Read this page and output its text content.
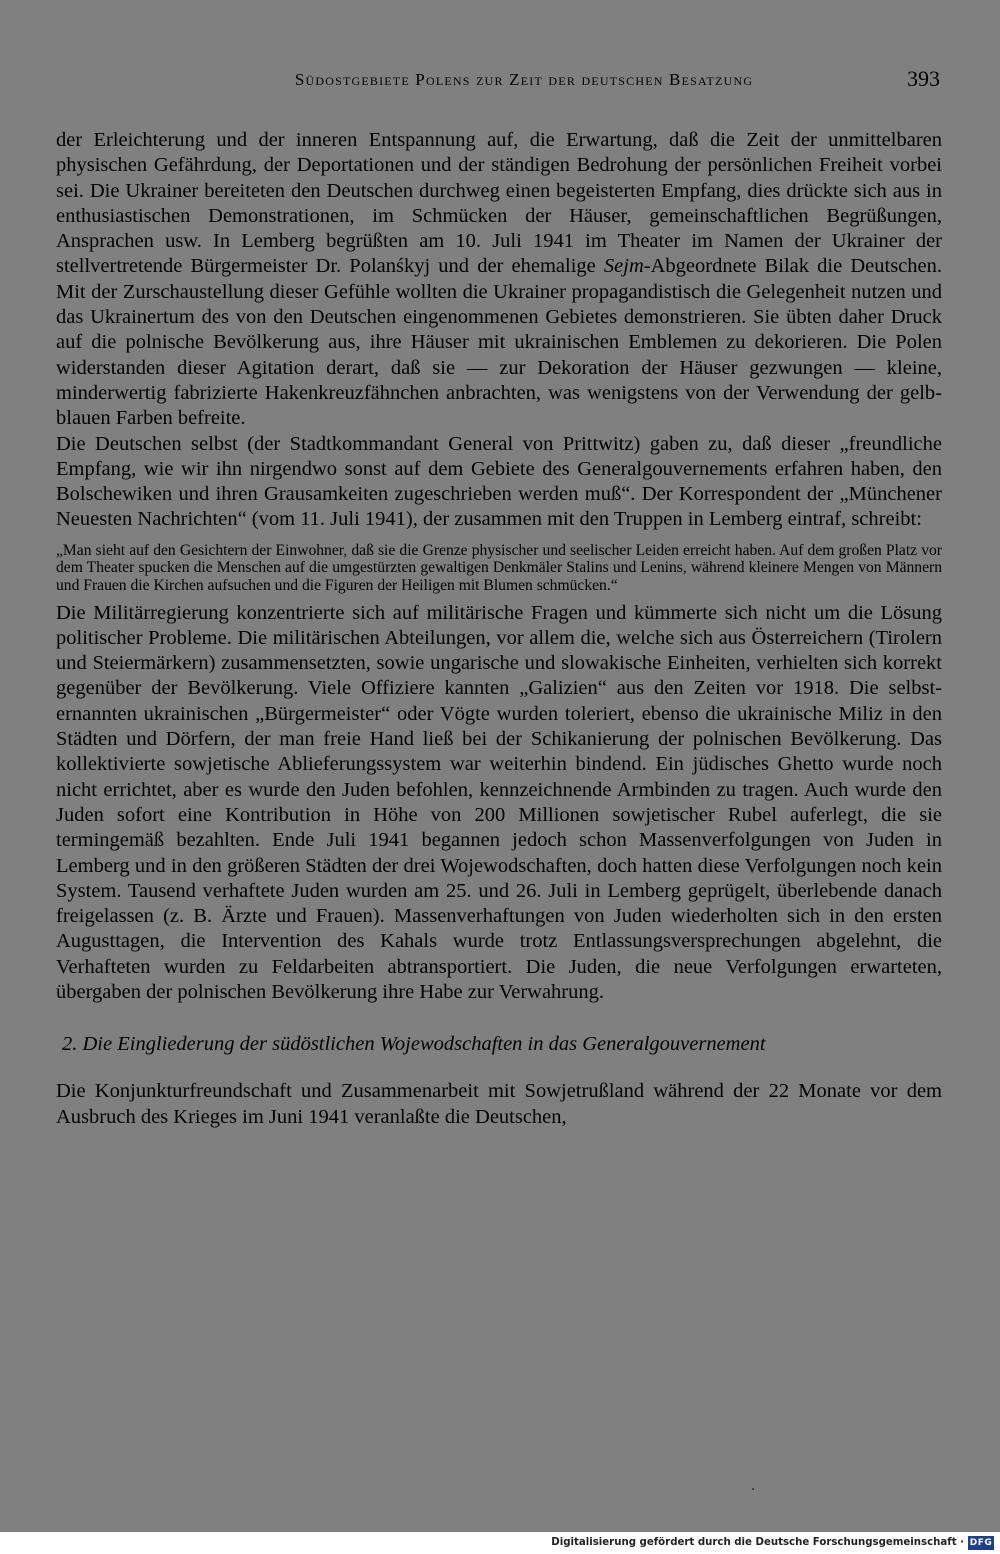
Südostgebiete Polens zur Zeit der deutschen Besatzung	393

der Erleichterung und der inneren Entspannung auf, die Erwartung, daß die Zeit der unmittelbaren physischen Gefährdung, der Deportationen und der ständigen Bedrohung der persönlichen Freiheit vorbei sei. Die Ukrainer bereiteten den Deutschen durchweg einen begeisterten Empfang, dies drückte sich aus in enthusiastischen Demonstrationen, im Schmücken der Häuser, gemeinschaftlichen Begrüßungen, Ansprachen usw. In Lemberg begrüßten am 10. Juli 1941 im Theater im Namen der Ukrainer der stellvertretende Bürgermeister Dr. Polanśkyj und der ehemalige Sejm-Abgeordnete Bilak die Deutschen. Mit der Zurschaustellung dieser Gefühle wollten die Ukrainer propagandistisch die Gelegenheit nutzen und das Ukrainertum des von den Deutschen eingenommenen Gebietes demonstrieren. Sie übten daher Druck auf die polnische Bevölkerung aus, ihre Häuser mit ukrainischen Emblemen zu dekorieren. Die Polen widerstanden dieser Agitation derart, daß sie — zur Dekoration der Häuser gezwungen — kleine, minderwertig fabrizierte Hakenkreuzfähnchen anbrachten, was wenigstens von der Verwendung der gelb-blauen Farben befreite.

Die Deutschen selbst (der Stadtkommandant General von Prittwitz) gaben zu, daß dieser „freundliche Empfang, wie wir ihn nirgendwo sonst auf dem Gebiete des Generalgouvernements erfahren haben, den Bolschewiken und ihren Grausamkeiten zugeschrieben werden muß“. Der Korrespondent der „Münchener Neuesten Nachrichten“ (vom 11. Juli 1941), der zusammen mit den Truppen in Lemberg eintraf, schreibt:

„Man sieht auf den Gesichtern der Einwohner, daß sie die Grenze physischer und seelischer Leiden erreicht haben. Auf dem großen Platz vor dem Theater spucken die Menschen auf die umgestürzten gewaltigen Denkmäler Stalins und Lenins, während kleinere Mengen von Männern und Frauen die Kirchen aufsuchen und die Figuren der Heiligen mit Blumen schmücken.“

Die Militärregierung konzentrierte sich auf militärische Fragen und kümmerte sich nicht um die Lösung politischer Probleme. Die militärischen Abteilungen, vor allem die, welche sich aus Österreichern (Tirolern und Steiermärkern) zusammensetzten, sowie ungarische und slowakische Einheiten, verhielten sich korrekt gegenüber der Bevölkerung. Viele Offiziere kannten „Galizien“ aus den Zeiten vor 1918. Die selbsternannten ukrainischen „Bürgermeister“ oder Vögte wurden toleriert, ebenso die ukrainische Miliz in den Städten und Dörfern, der man freie Hand ließ bei der Schikanierung der polnischen Bevölkerung. Das kollektivierte sowjetische Ablieferungssystem war weiterhin bindend. Ein jüdisches Ghetto wurde noch nicht errichtet, aber es wurde den Juden befohlen, kennzeichnende Armbinden zu tragen. Auch wurde den Juden sofort eine Kontribution in Höhe von 200 Millionen sowjetischer Rubel auferlegt, die sie termingemäß bezahlten. Ende Juli 1941 begannen jedoch schon Massenverfolgungen von Juden in Lemberg und in den größeren Städten der drei Wojewodschaften, doch hatten diese Verfolgungen noch kein System. Tausend verhaftete Juden wurden am 25. und 26. Juli in Lemberg geprügelt, überlebende danach freigelassen (z. B. Ärzte und Frauen). Massenverhaftungen von Juden wiederholten sich in den ersten Augusttagen, die Intervention des Kahals wurde trotz Entlassungsversprechungen abgelehnt, die Verhafteten wurden zu Feldarbeiten abtransportiert. Die Juden, die neue Verfolgungen erwarteten, übergaben der polnischen Bevölkerung ihre Habe zur Verwahrung.

2. Die Eingliederung der südöstlichen Wojewodschaften in das Generalgouvernement

Die Konjunkturfreundschaft und Zusammenarbeit mit Sowjetrußland während der 22 Monate vor dem Ausbruch des Krieges im Juni 1941 veranlaßte die Deutschen,

Digitalisierung gefördert durch die Deutsche Forschungsgemeinschaft · DFG
